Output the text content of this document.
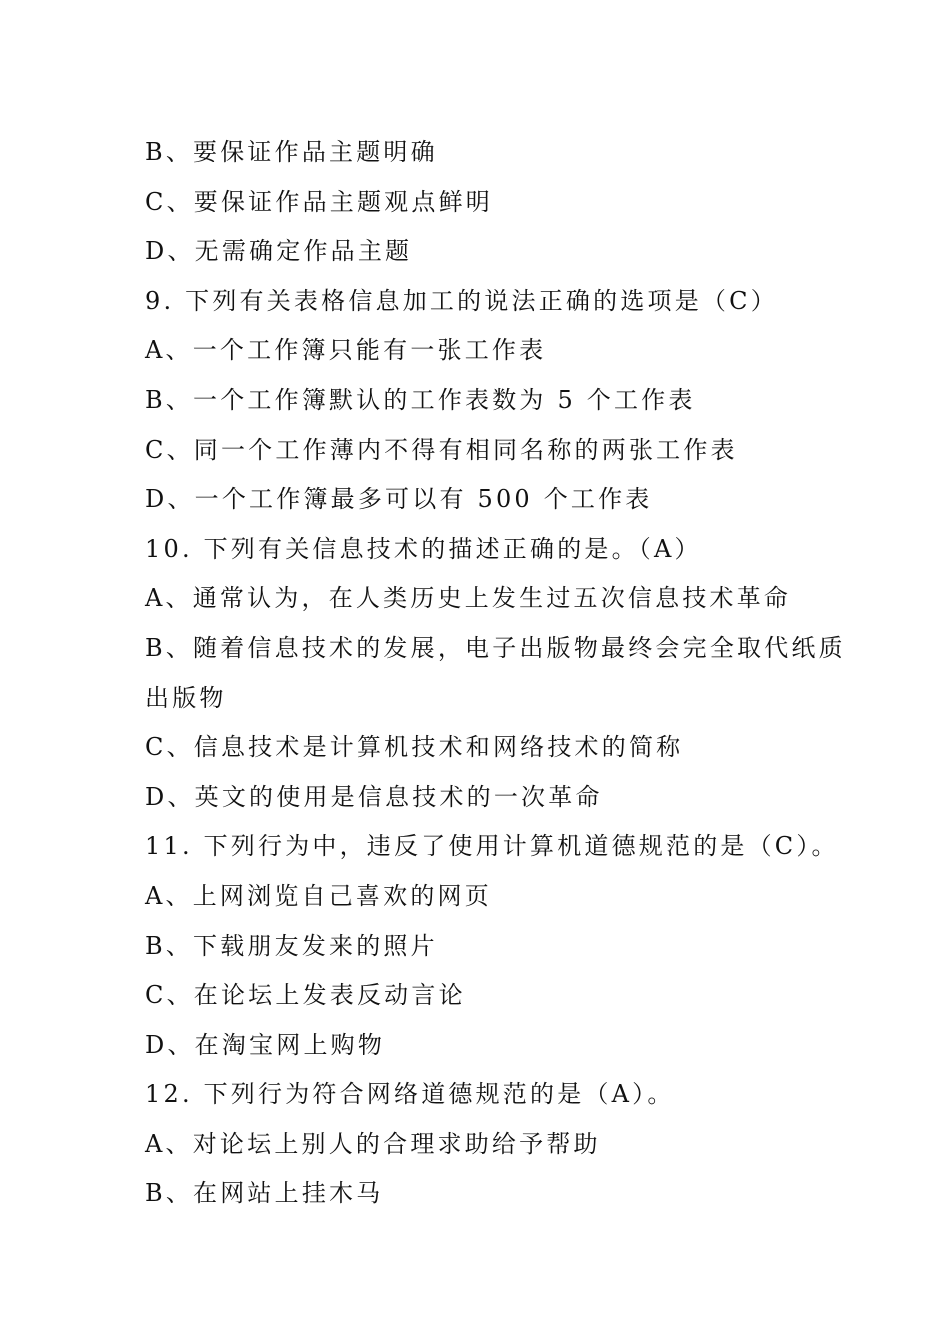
B、要保证作品主题明确
C、要保证作品主题观点鲜明
D、无需确定作品主题
9. 下列有关表格信息加工的说法正确的选项是（C）
A、一个工作簿只能有一张工作表
B、一个工作簿默认的工作表数为 5 个工作表
C、同一个工作薄内不得有相同名称的两张工作表
D、一个工作簿最多可以有 500 个工作表
10. 下列有关信息技术的描述正确的是。（A）
A、通常认为，在人类历史上发生过五次信息技术革命
B、随着信息技术的发展，电子出版物最终会完全取代纸质
出版物
C、信息技术是计算机技术和网络技术的简称
D、英文的使用是信息技术的一次革命
11. 下列行为中，违反了使用计算机道德规范的是（C）。
A、上网浏览自己喜欢的网页
B、下载朋友发来的照片
C、在论坛上发表反动言论
D、在淘宝网上购物
12. 下列行为符合网络道德规范的是（A）。
A、对论坛上别人的合理求助给予帮助
B、在网站上挂木马
